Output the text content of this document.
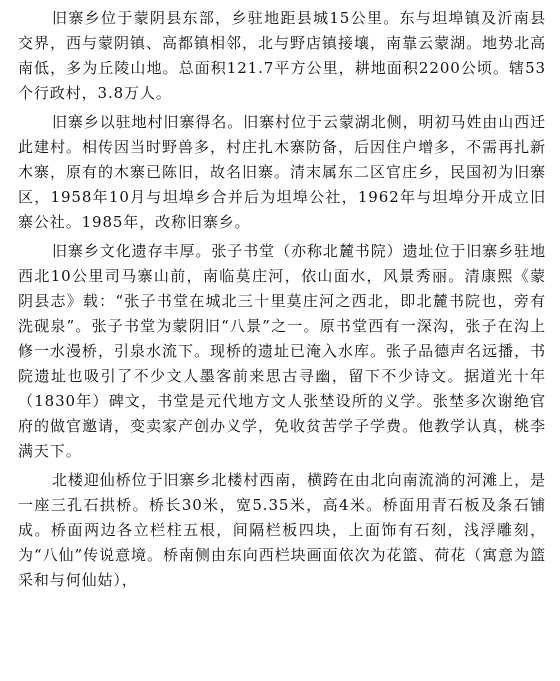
旧寨乡位于蒙阴县东部，乡驻地距县城15公里。东与坦埠镇及沂南县交界，西与蒙阴镇、高都镇相邻，北与野店镇接壤，南靠云蒙湖。地势北高南低，多为丘陵山地。总面积121.7平方公里，耕地面积2200公顷。辖53个行政村，3.8万人。

旧寨乡以驻地村旧寨得名。旧寨村位于云蒙湖北侧，明初马姓由山西迁此建村。相传因当时野兽多，村庄扎木寨防备，后因住户增多，不需再扎新木寨，原有的木寨已陈旧，故名旧寨。清末属东二区官庄乡，民国初为旧寨区，1958年10月与坦埠乡合并后为坦埠公社，1962年与坦埠分开成立旧寨公社。1985年，改称旧寨乡。

旧寨乡文化遗存丰厚。张子书堂（亦称北麓书院）遗址位于旧寨乡驻地西北10公里司马寨山前，南临莫庄河，依山面水，风景秀丽。清康熙《蒙阴县志》载：“张子书堂在城北三十里莫庄河之西北，即北麓书院也，旁有洗砚泉”。张子书堂为蒙阴旧“八景”之一。原书堂西有一深沟，张子在沟上修一水漫桥，引泉水流下。现桥的遗址已淹入水库。张子品德声名远播，书院遗址也吸引了不少文人墨客前来思古寻幽，留下不少诗文。据道光十年（1830年）碑文，书堂是元代地方文人张埜设所的义学。张埜多次谢绝官府的做官邀请，变卖家产创办义学，免收贫苦学子学费。他教学认真，桃李满天下。

北楼迎仙桥位于旧寨乡北楼村西南，横跨在由北向南流淌的河滩上，是一座三孔石拱桥。桥长30米，宽5.35米，高4米。桥面用青石板及条石铺成。桥面两边各立栏柱五根，间隔栏板四块，上面饰有石刻，浅浮雕刻，为“八仙”传说意境。桥南侧由东向西栏块画面依次为花篮、荷花（寓意为篮采和与何仙姑），
